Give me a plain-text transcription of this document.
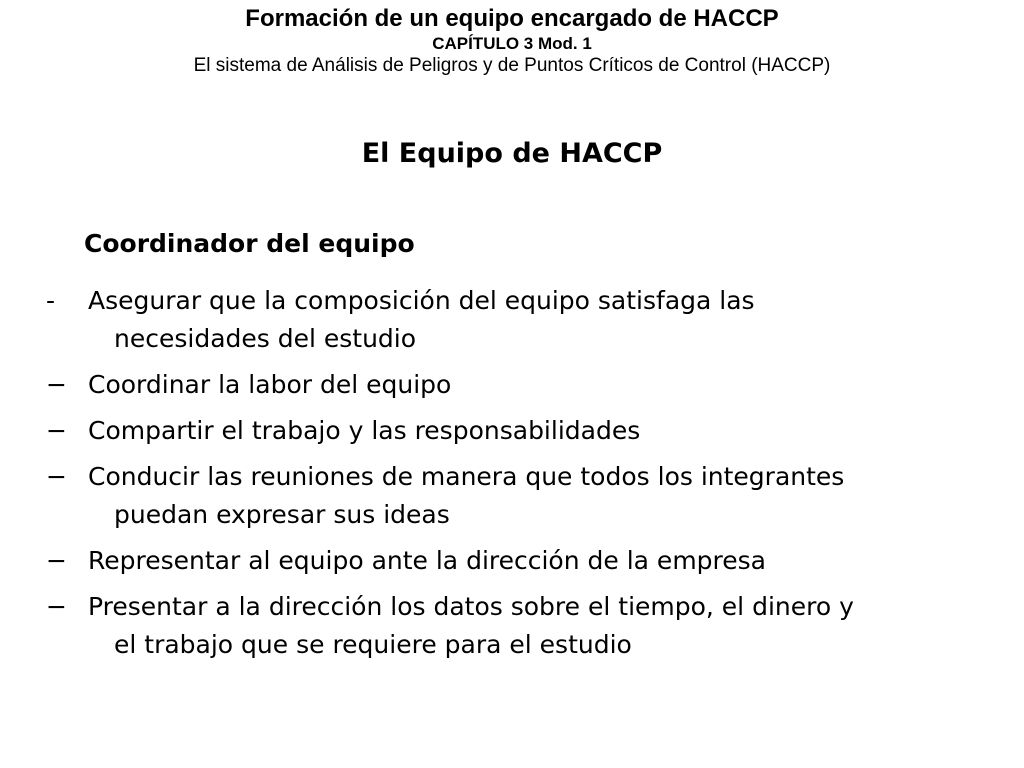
Formación de un equipo encargado de HACCP
CAPÍTULO 3 Mod. 1
El sistema de Análisis de Peligros y de Puntos Críticos de Control (HACCP)
El Equipo de HACCP
Coordinador del equipo
-	Asegurar que la composición del equipo satisfaga las
necesidades del estudio
− Coordinar la labor del equipo
− Compartir el trabajo y las responsabilidades
− Conducir las reuniones de manera que todos los integrantes
puedan expresar sus ideas
− Representar al equipo ante la dirección de la empresa
− Presentar a la dirección los datos sobre el tiempo, el dinero y
el trabajo que se requiere para el estudio
